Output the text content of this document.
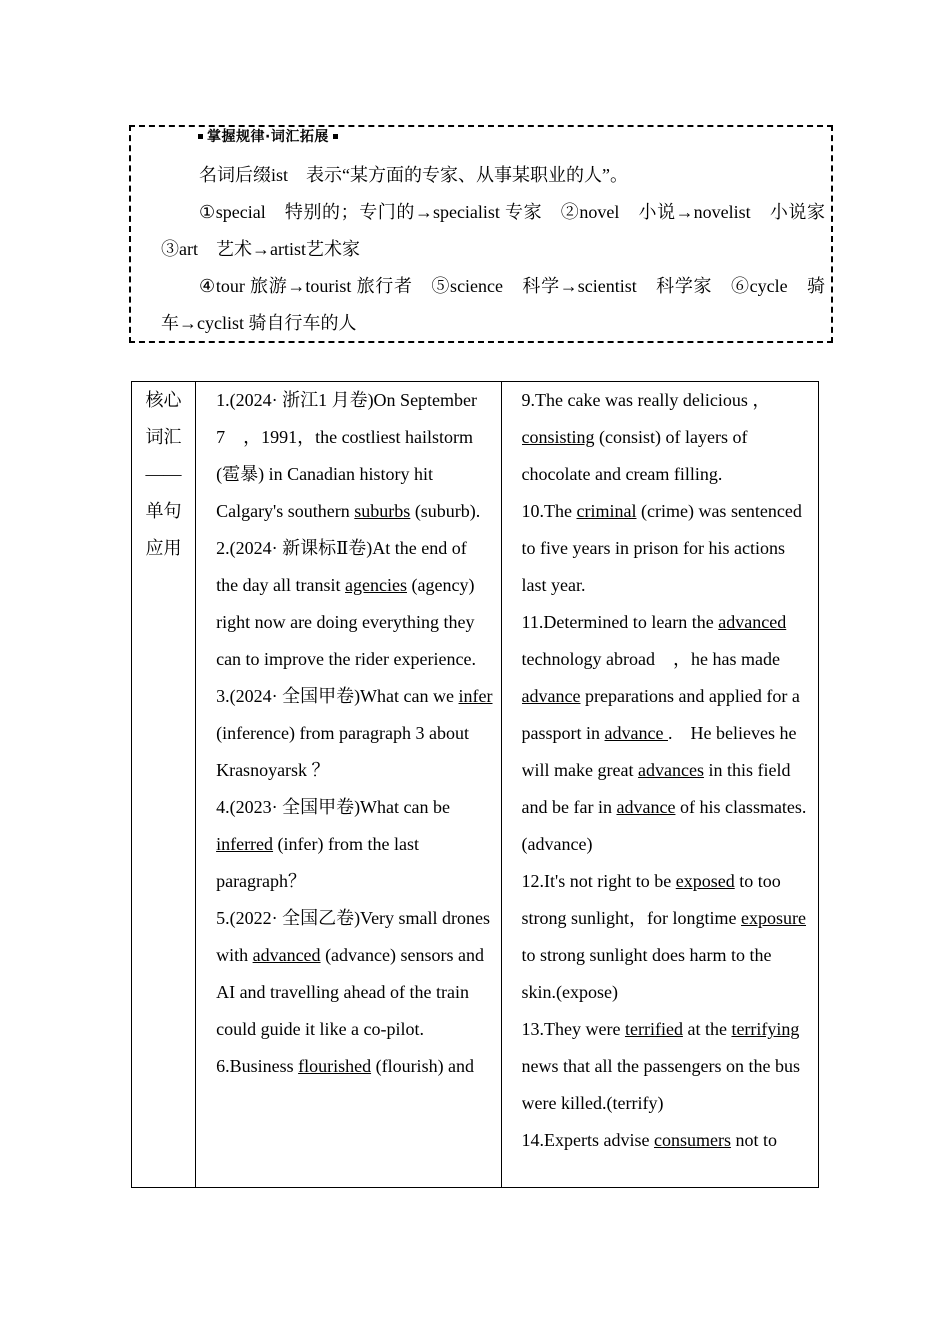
掌握规律·词汇拓展

名词后缀ist　表示“某方面的专家、从事某职业的人”。

①special　特别的；专门的→specialist 专家　②novel　小说→novelist　小说家　③art　艺术→artist艺术家

④tour 旅游→tourist 旅行者　⑤science　科学→scientist　科学家　⑥cycle　骑车→cyclist 骑自行车的人

核心
词汇
——
单句
应用

1.(2024· 浙江1 月卷)On September 7　，1991，the costliest hailstorm (雹暴) in Canadian history hit Calgary's southern suburbs (suburb).

2.(2024· 新课标Ⅱ卷)At the end of the day all transit agencies (agency) right now are doing everything they can to improve the rider experience.

3.(2024· 全国甲卷)What can we infer (inference) from paragraph 3 about Krasnoyarsk ？

4.(2023· 全国甲卷)What can be inferred (infer) from the last paragraph？

5.(2022· 全国乙卷)Very small drones with advanced (advance) sensors and AI and travelling ahead of the train could guide it like a co-pilot.

6.Business flourished (flourish) and

9.The cake was really delicious ，consisting (consist) of layers of chocolate and cream filling.

10.The criminal (crime) was sentenced to five years in prison for his actions last year.

11.Determined to learn the advanced technology abroad　，he has made advance preparations and applied for a passport in advance .　He believes he will make great advances in this field and be far in advance of his classmates.(advance)

12.It's not right to be exposed to too strong sunlight，for longtime exposure to strong sunlight does harm to the skin.(expose)

13.They were terrified at the terrifying news that all the passengers on the bus were killed.(terrify)

14.Experts advise consumers not to
